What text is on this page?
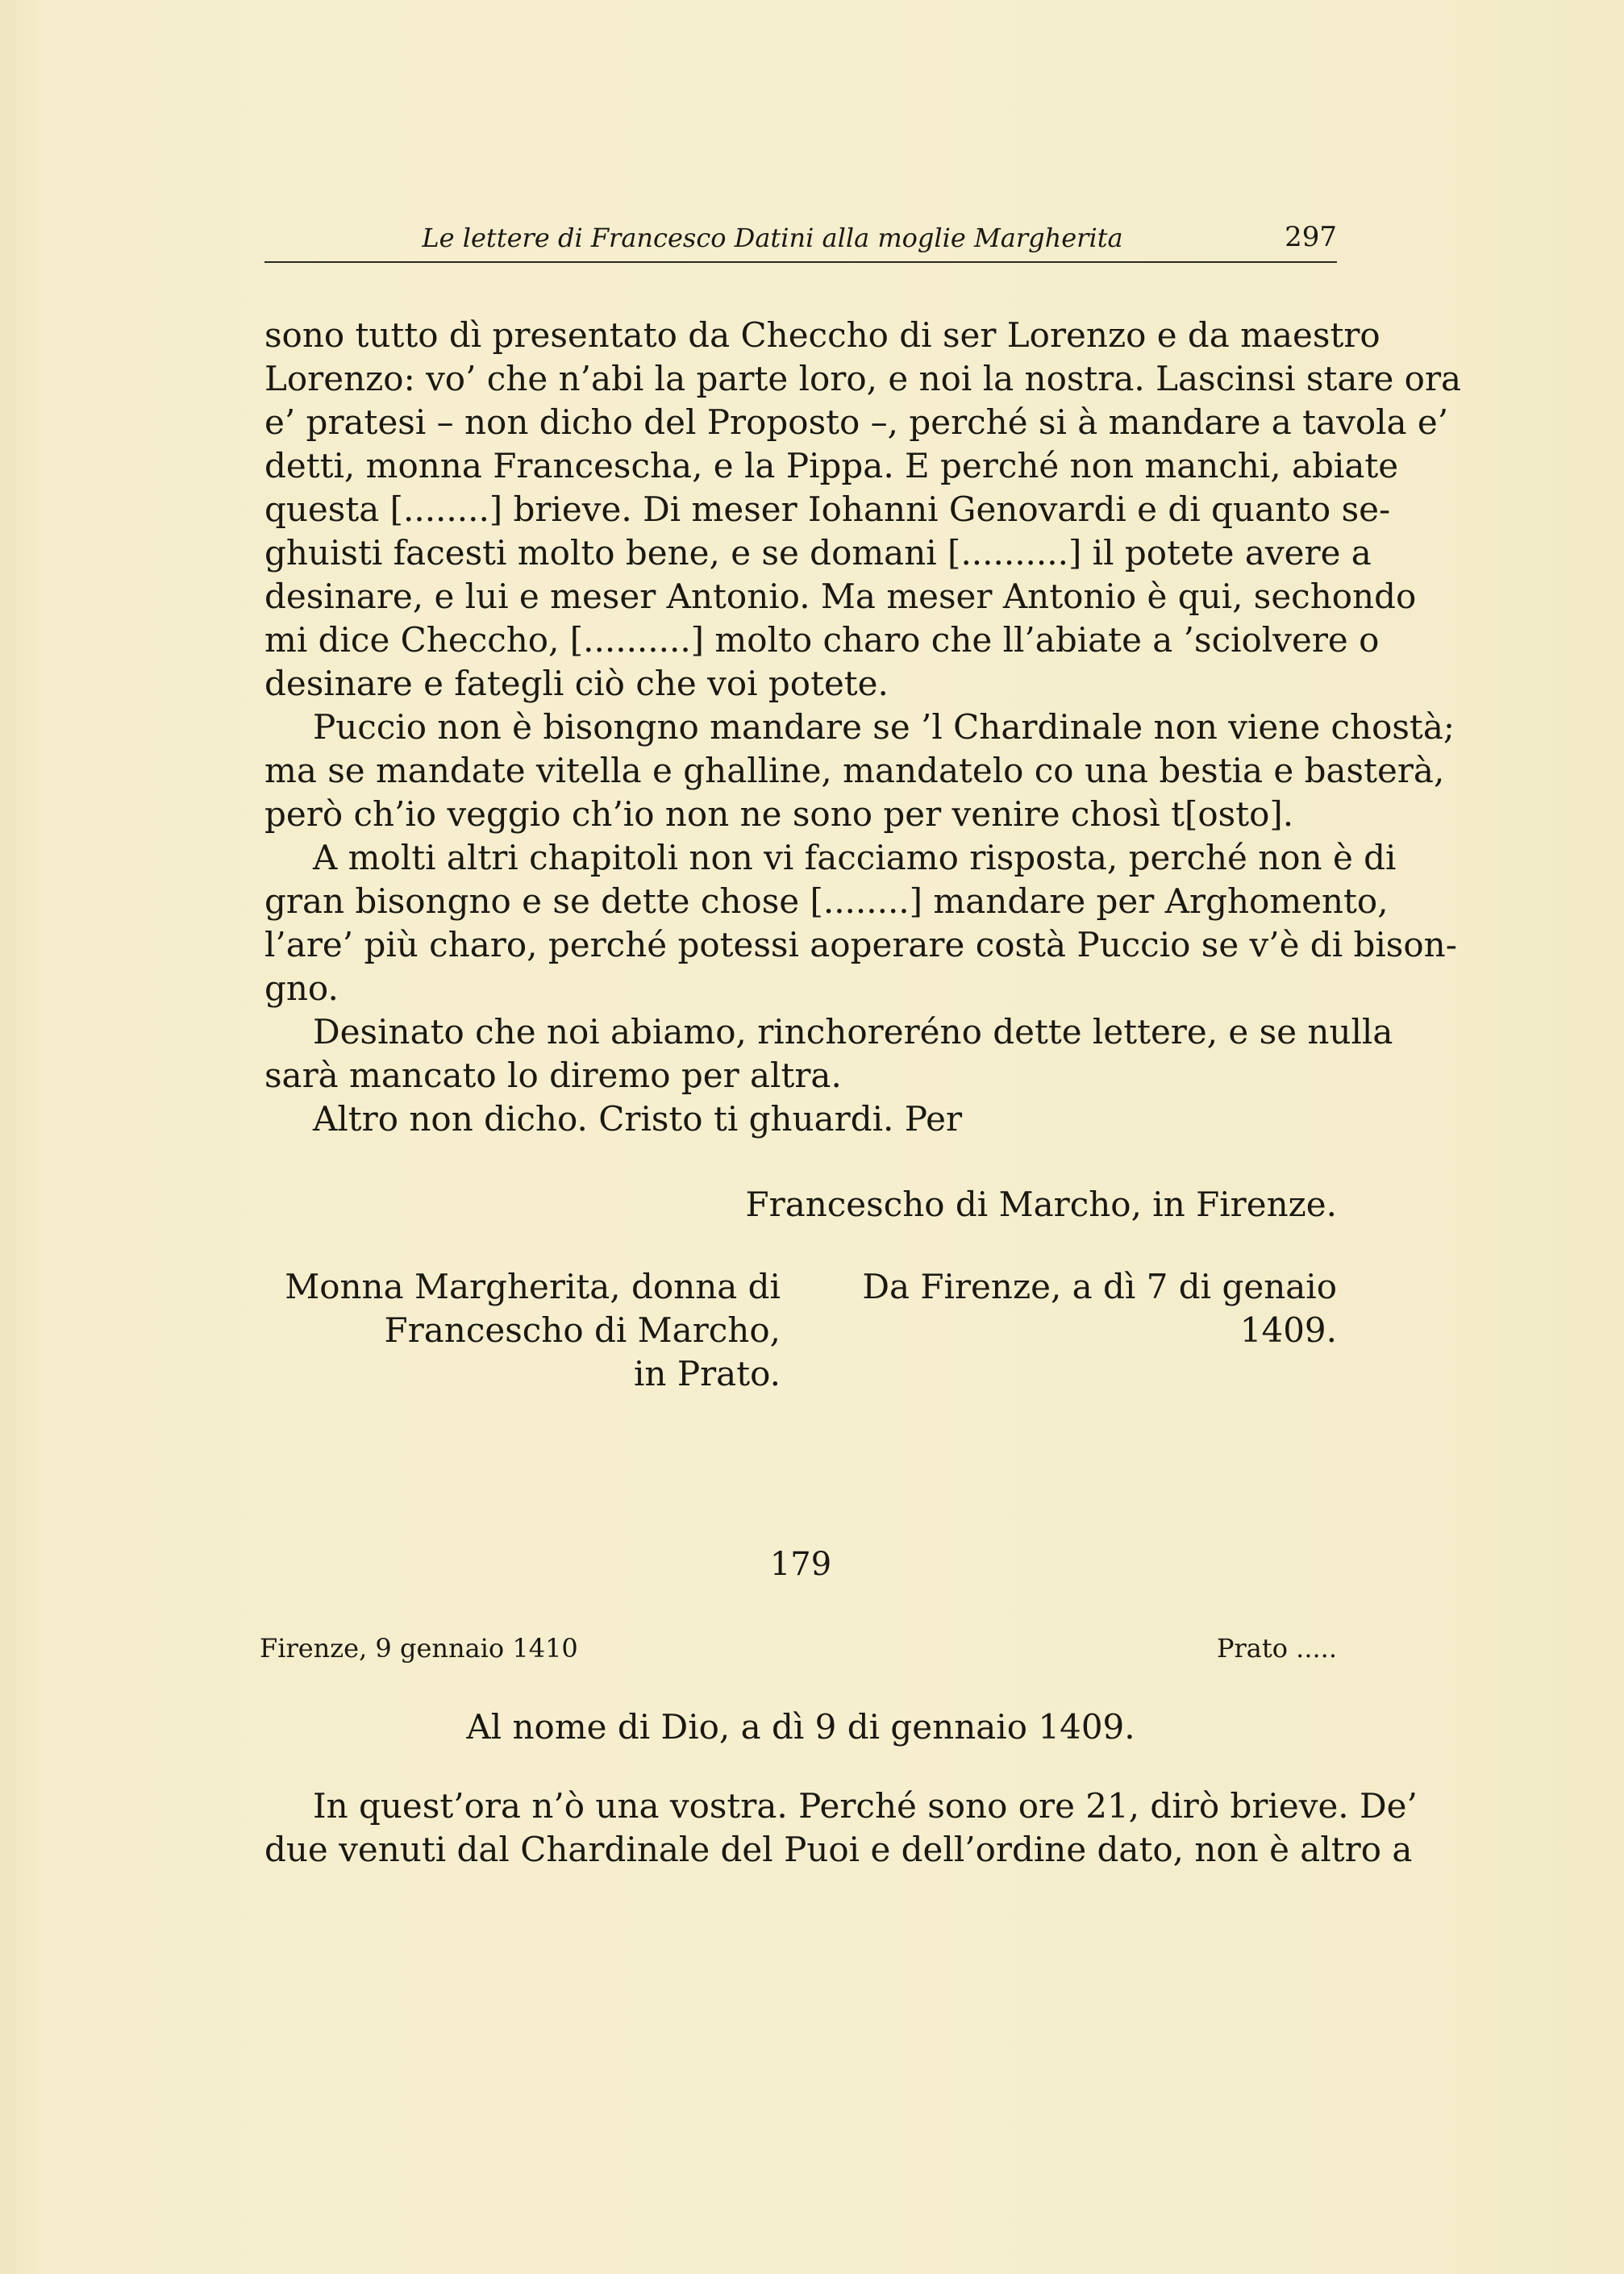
Le lettere di Francesco Datini alla moglie Margherita	297
sono tutto dì presentato da Checcho di ser Lorenzo e da maestro
Lorenzo: vo’ che n’abi la parte loro, e noi la nostra. Lascinsi stare ora
e’ pratesi – non dicho del Proposto –, perché si à mandare a tavola e’
detti, monna Francescha, e la Pippa. E perché non manchi, abiate
questa [........] brieve. Di meser Iohanni Genovardi e di quanto se-
ghuisti facesti molto bene, e se domani [..........] il potete avere a
desinare, e lui e meser Antonio. Ma meser Antonio è qui, sechondo
mi dice Checcho, [..........] molto charo che ll’abiate a ’sciolvere o
desinare e fategli ciò che voi potete.
Puccio non è bisongno mandare se ’l Chardinale non viene chostà;
ma se mandate vitella e ghalline, mandatelo co una bestia e basterà,
però ch’io veggio ch’io non ne sono per venire chosì t[osto].
A molti altri chapitoli non vi facciamo risposta, perché non è di
gran bisongno e se dette chose [........] mandare per Arghomento,
l’are’ più charo, perché potessi aoperare costà Puccio se v’è di bison-
gno.
Desinato che noi abiamo, rinchoreréno dette lettere, e se nulla
sarà mancato lo diremo per altra.
Altro non dicho. Cristo ti ghuardi. Per
Francescho di Marcho, in Firenze.
Monna Margherita, donna di
Francescho di Marcho,
in Prato.
Da Firenze, a dì 7 di genaio 1409.
179
Firenze, 9 gennaio 1410	Prato .....
Al nome di Dio, a dì 9 di gennaio 1409.
In quest’ora n’ò una vostra. Perché sono ore 21, dirò brieve. De’
due venuti dal Chardinale del Puoi e dell’ordine dato, non è altro a
